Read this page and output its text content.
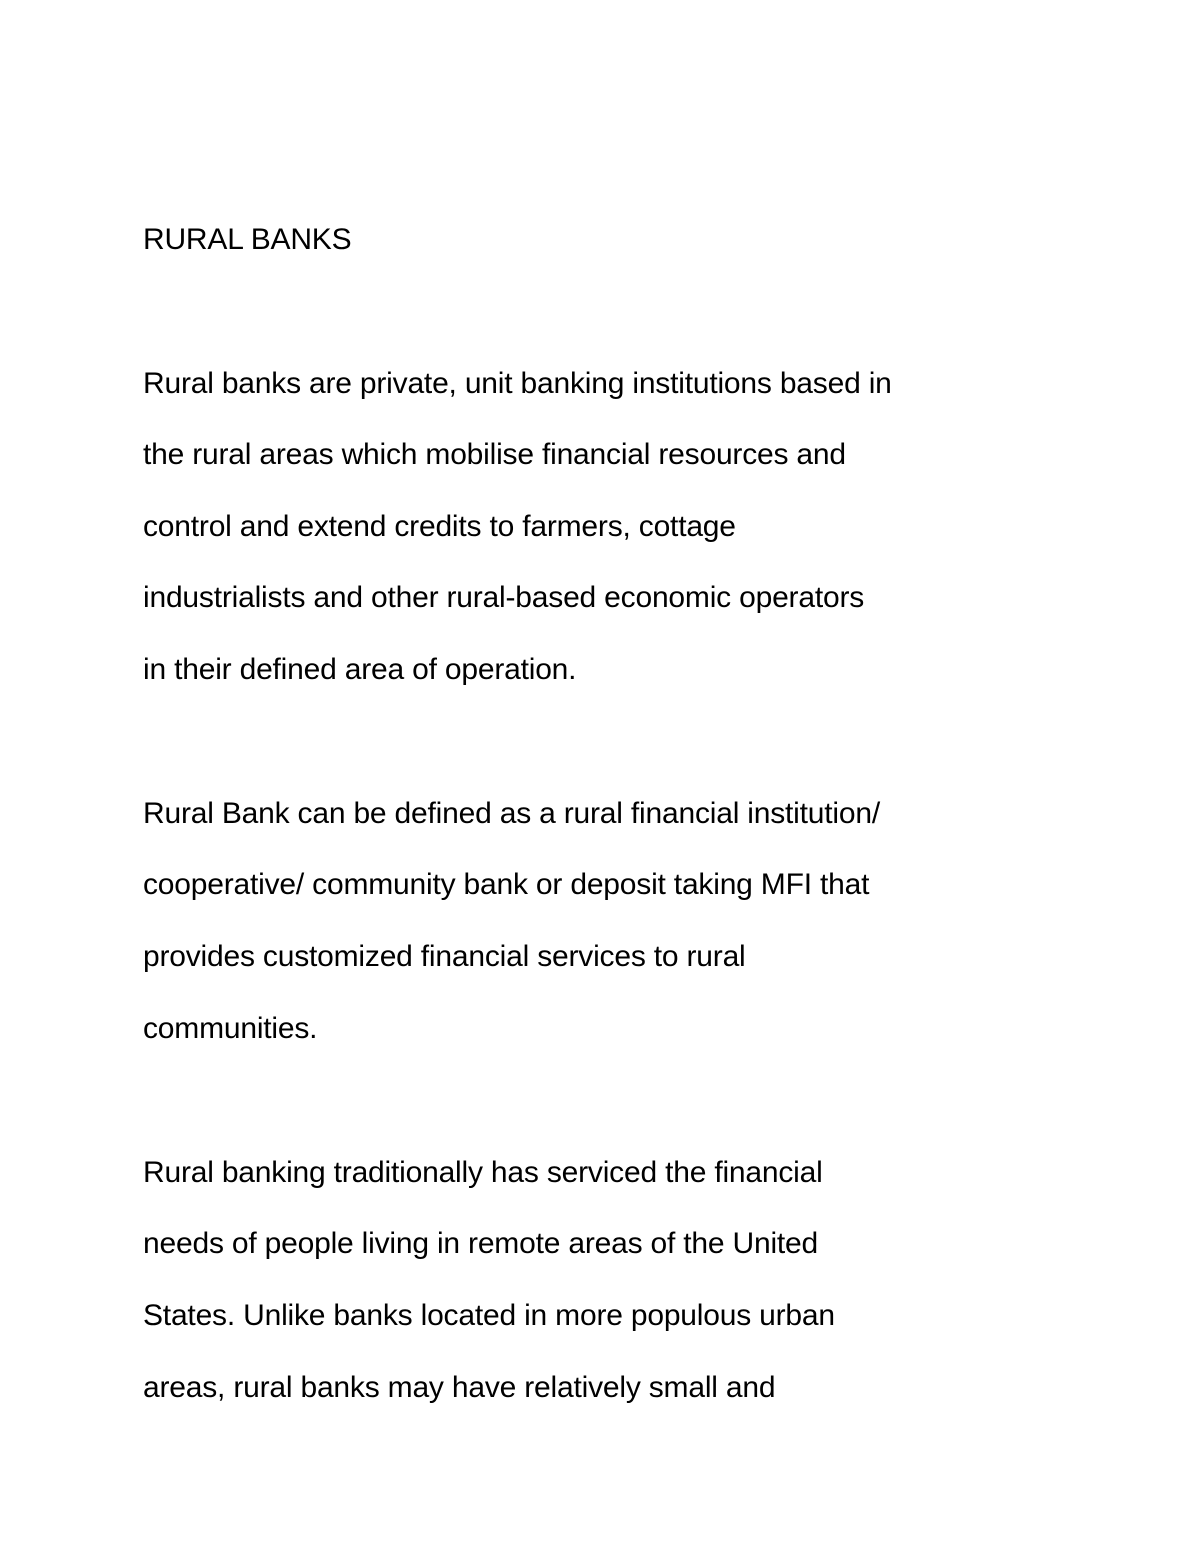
RURAL BANKS

Rural banks are private, unit banking institutions based in

the rural areas which mobilise financial resources and

control and extend credits to farmers, cottage

industrialists and other rural-based economic operators

in their defined area of operation.

Rural Bank can be defined as a rural financial institution/

cooperative/ community bank or deposit taking MFI that

provides customized financial services to rural

communities.

Rural banking traditionally has serviced the financial

needs of people living in remote areas of the United

States. Unlike banks located in more populous urban

areas, rural banks may have relatively small and
